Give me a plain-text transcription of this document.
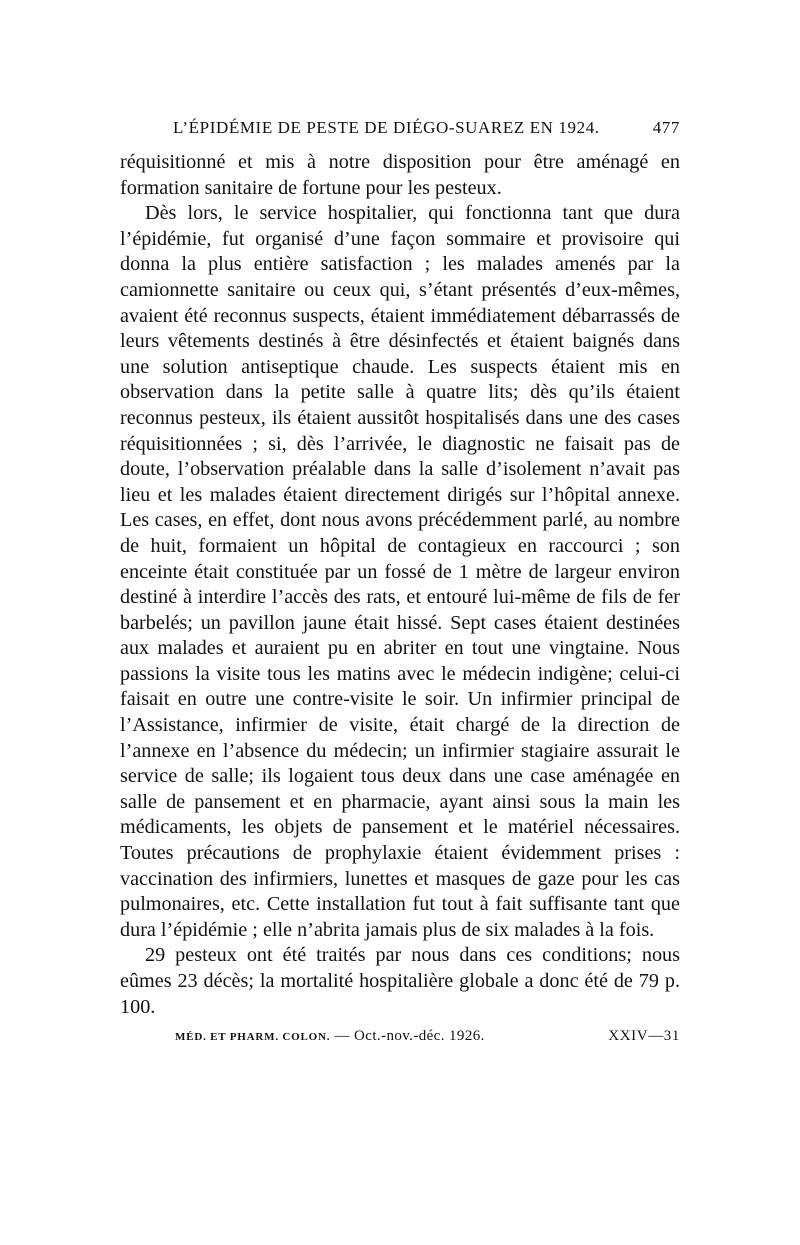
L’ÉPIDÉMIE DE PESTE DE DIÉGO-SUAREZ EN 1924.	477

réquisitionné et mis à notre disposition pour être aménagé en formation sanitaire de fortune pour les pesteux.

Dès lors, le service hospitalier, qui fonctionna tant que dura l’épidémie, fut organisé d’une façon sommaire et provisoire qui donna la plus entière satisfaction ; les malades amenés par la camionnette sanitaire ou ceux qui, s’étant présentés d’eux-mêmes, avaient été reconnus suspects, étaient immédiatement débarrassés de leurs vêtements destinés à être désinfectés et étaient baignés dans une solution antiseptique chaude. Les suspects étaient mis en observation dans la petite salle à quatre lits; dès qu’ils étaient reconnus pesteux, ils étaient aussitôt hospitalisés dans une des cases réquisitionnées ; si, dès l’arrivée, le diagnostic ne faisait pas de doute, l’observation préalable dans la salle d’isolement n’avait pas lieu et les malades étaient directement dirigés sur l’hôpital annexe. Les cases, en effet, dont nous avons précédemment parlé, au nombre de huit, formaient un hôpital de contagieux en raccourci ; son enceinte était constituée par un fossé de 1 mètre de largeur environ destiné à interdire l’accès des rats, et entouré lui-même de fils de fer barbelés; un pavillon jaune était hissé. Sept cases étaient destinées aux malades et auraient pu en abriter en tout une vingtaine. Nous passions la visite tous les matins avec le médecin indigène; celui-ci faisait en outre une contre-visite le soir. Un infirmier principal de l’Assistance, infirmier de visite, était chargé de la direction de l’annexe en l’absence du médecin; un infirmier stagiaire assurait le service de salle; ils logaient tous deux dans une case aménagée en salle de pansement et en pharmacie, ayant ainsi sous la main les médicaments, les objets de pansement et le matériel nécessaires. Toutes précautions de prophylaxie étaient évidemment prises : vaccination des infirmiers, lunettes et masques de gaze pour les cas pulmonaires, etc. Cette installation fut tout à fait suffisante tant que dura l’épidémie ; elle n’abrita jamais plus de six malades à la fois.

29 pesteux ont été traités par nous dans ces conditions; nous eûmes 23 décès; la mortalité hospitalière globale a donc été de 79 p. 100.

MÉD. ET PHARM. COLON. — Oct.-nov.-déc. 1926.	XXIV—31
